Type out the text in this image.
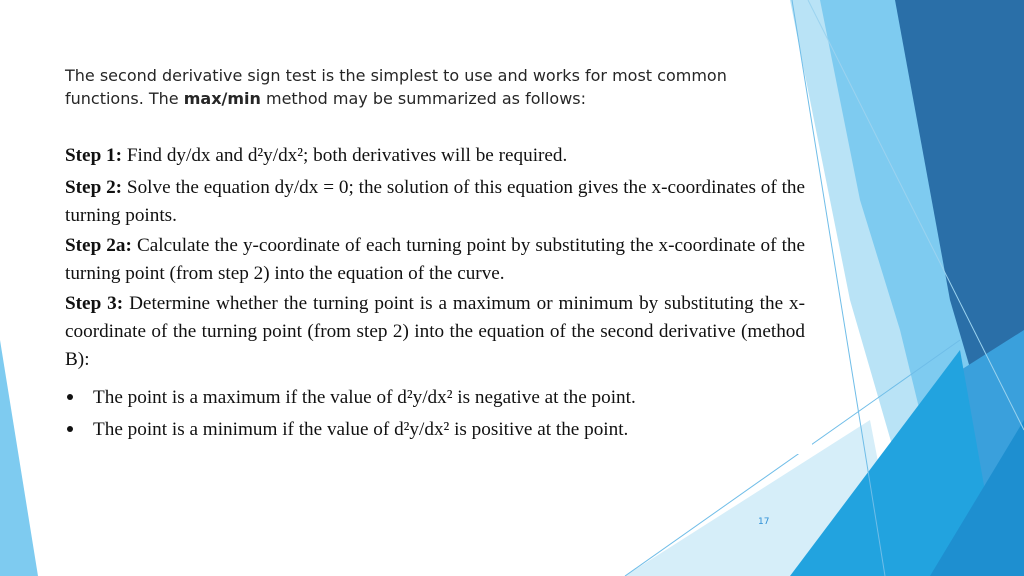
The second derivative sign test is the simplest to use and works for most common
functions. The max/min method may be summarized as follows:
Step 1: Find dy/dx and d²y/dx²; both derivatives will be required.
Step 2: Solve the equation dy/dx = 0; the solution of this equation gives the x-coordinates of the turning points.
Step 2a: Calculate the y-coordinate of each turning point by substituting the x-coordinate of the turning point (from step 2) into the equation of the curve.
Step 3: Determine whether the turning point is a maximum or minimum by substituting the x-coordinate of the turning point (from step 2) into the equation of the second derivative (method B):
The point is a maximum if the value of d²y/dx² is negative at the point.
The point is a minimum if the value of d²y/dx² is positive at the point.
17
